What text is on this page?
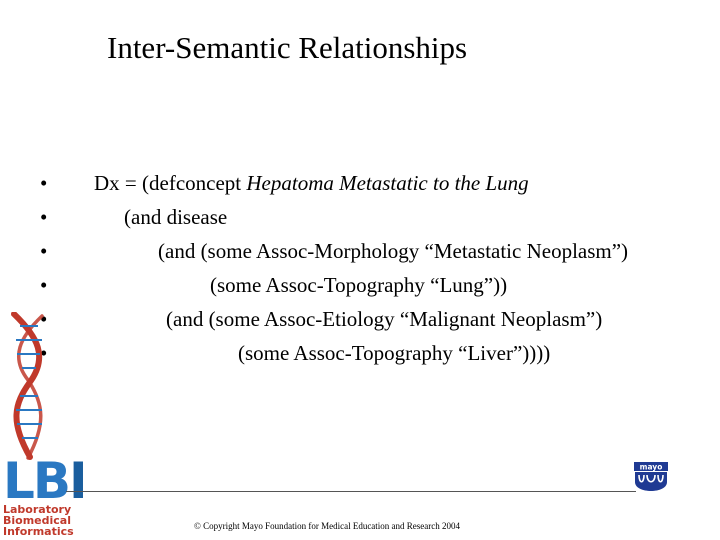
Inter-Semantic Relationships
•	Dx = (defconcept Hepatoma Metastatic to the Lung
•	(and disease
•	(and (some Assoc-Morphology “Metastatic Neoplasm”)
•	(some Assoc-Topography “Lung”))
•	(and (some Assoc-Etiology “Malignant Neoplasm”)
•	(some Assoc-Topography “Liver”))))
LBI
Laboratory
Biomedical
Informatics
mayo
© Copyright Mayo Foundation for Medical Education and Research 2004
